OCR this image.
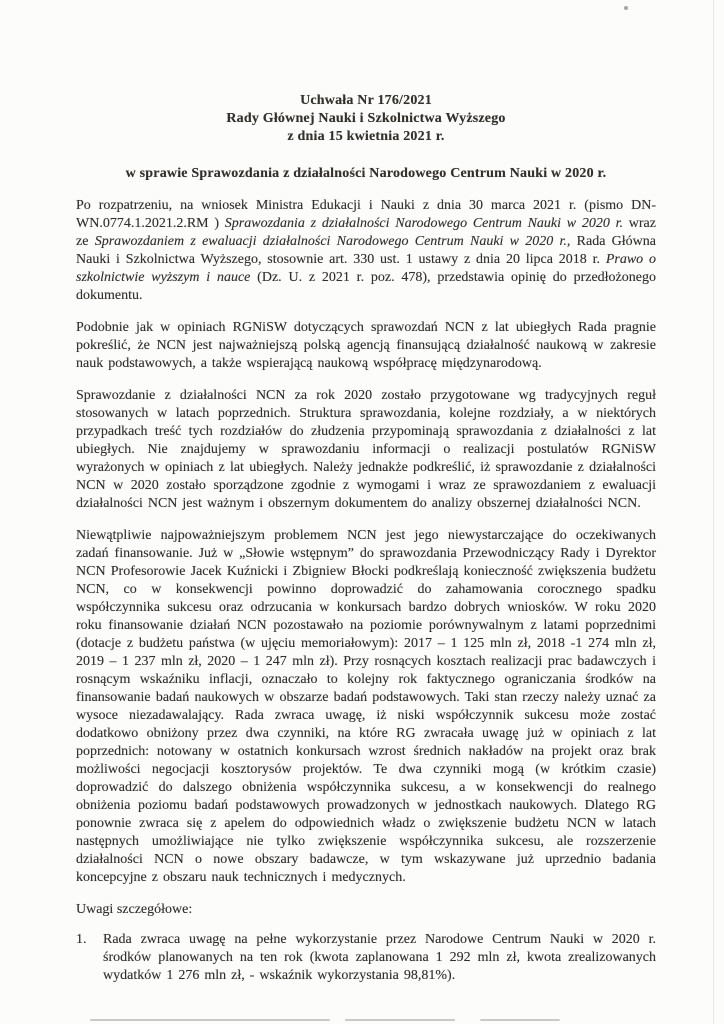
Uchwała Nr 176/2021

Rady Głównej Nauki i Szkolnictwa Wyższego

z dnia 15 kwietnia 2021 r.

w sprawie Sprawozdania z działalności Narodowego Centrum Nauki w 2020 r.
Po rozpatrzeniu, na wniosek Ministra Edukacji i Nauki z dnia 30 marca 2021 r. (pismo DN-WN.0774.1.2021.2.RM ) Sprawozdania z działalności Narodowego Centrum Nauki w 2020 r. wraz ze Sprawozdaniem z ewaluacji działalności Narodowego Centrum Nauki w 2020 r., Rada Główna Nauki i Szkolnictwa Wyższego, stosownie art. 330 ust. 1 ustawy z dnia 20 lipca 2018 r. Prawo o szkolnictwie wyższym i nauce (Dz. U. z 2021 r. poz. 478), przedstawia opinię do przedłożonego dokumentu.
Podobnie jak w opiniach RGNiSW dotyczących sprawozdań NCN z lat ubiegłych Rada pragnie pokreślić, że NCN jest najważniejszą polską agencją finansującą działalność naukową w zakresie nauk podstawowych, a także wspierającą naukową współpracę międzynarodową.
Sprawozdanie z działalności NCN za rok 2020 zostało przygotowane wg tradycyjnych reguł stosowanych w latach poprzednich. Struktura sprawozdania, kolejne rozdziały, a w niektórych przypadkach treść tych rozdziałów do złudzenia przypominają sprawozdania z działalności z lat ubiegłych. Nie znajdujemy w sprawozdaniu informacji o realizacji postulatów RGNiSW wyrażonych w opiniach z lat ubiegłych. Należy jednakże podkreślić, iż sprawozdanie z działalności NCN w 2020 zostało sporządzone zgodnie z wymogami i wraz ze sprawozdaniem z ewaluacji działalności NCN jest ważnym i obszernym dokumentem do analizy obszernej działalności NCN.
Niewątpliwie najpoważniejszym problemem NCN jest jego niewystarczające do oczekiwanych zadań finansowanie. Już w „Słowie wstępnym” do sprawozdania Przewodniczący Rady i Dyrektor NCN Profesorowie Jacek Kuźnicki i Zbigniew Błocki podkreślają konieczność zwiększenia budżetu NCN, co w konsekwencji powinno doprowadzić do zahamowania corocznego spadku współczynnika sukcesu oraz odrzucania w konkursach bardzo dobrych wniosków. W roku 2020 roku finansowanie działań NCN pozostawało na poziomie porównywalnym z latami poprzednimi (dotacje z budżetu państwa (w ujęciu memoriałowym): 2017 – 1 125 mln zł, 2018 -1 274 mln zł, 2019 – 1 237 mln zł, 2020 – 1 247 mln zł). Przy rosnących kosztach realizacji prac badawczych i rosnącym wskaźniku inflacji, oznaczało to kolejny rok faktycznego ograniczania środków na finansowanie badań naukowych w obszarze badań podstawowych. Taki stan rzeczy należy uznać za wysoce niezadawalający. Rada zwraca uwagę, iż niski współczynnik sukcesu może zostać dodatkowo obniżony przez dwa czynniki, na które RG zwracała uwagę już w opiniach z lat poprzednich: notowany w ostatnich konkursach wzrost średnich nakładów na projekt oraz brak możliwości negocjacji kosztorysów projektów. Te dwa czynniki mogą (w krótkim czasie) doprowadzić do dalszego obniżenia współczynnika sukcesu, a w konsekwencji do realnego obniżenia poziomu badań podstawowych prowadzonych w jednostkach naukowych. Dlatego RG ponownie zwraca się z apelem do odpowiednich władz o zwiększenie budżetu NCN w latach następnych umożliwiające nie tylko zwiększenie współczynnika sukcesu, ale rozszerzenie działalności NCN o nowe obszary badawcze, w tym wskazywane już uprzednio badania koncepcyjne z obszaru nauk technicznych i medycznych.
Uwagi szczegółowe:
1.	Rada zwraca uwagę na pełne wykorzystanie przez Narodowe Centrum Nauki w 2020 r. środków planowanych na ten rok (kwota zaplanowana 1 292 mln zł, kwota zrealizowanych wydatków 1 276 mln zł, - wskaźnik wykorzystania 98,81%).
